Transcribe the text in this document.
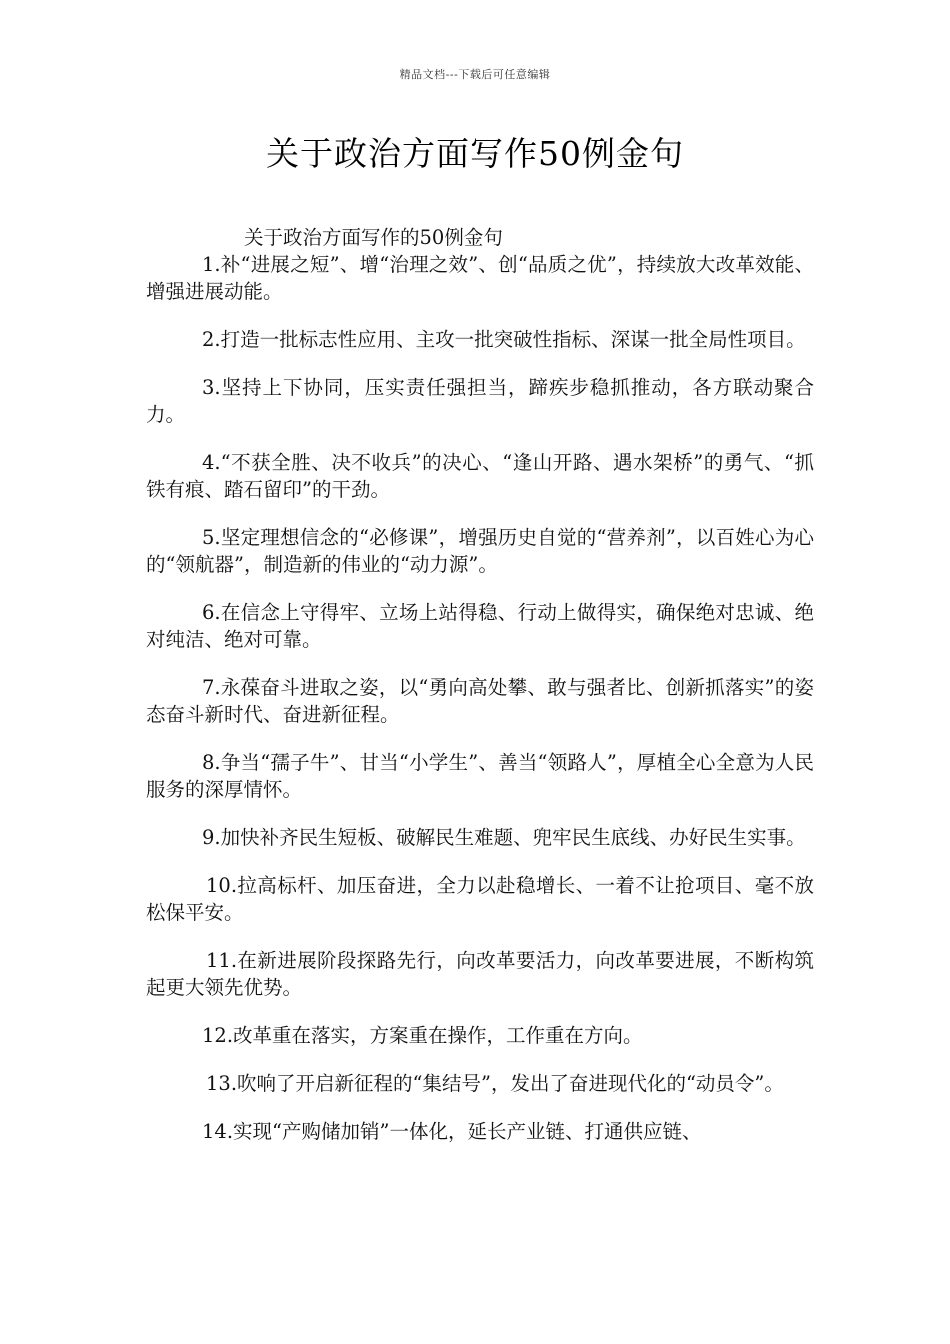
精品文档---下载后可任意编辑
关于政治方面写作50例金句

关于政治方面写作的50例金句

1.补“进展之短”、增“治理之效”、创“品质之优”，持续放大改革效能、增强进展动能。

2.打造一批标志性应用、主攻一批突破性指标、深谋一批全局性项目。

3.坚持上下协同，压实责任强担当，蹄疾步稳抓推动，各方联动聚合力。

4.“不获全胜、决不收兵”的决心、“逢山开路、遇水架桥”的勇气、“抓铁有痕、踏石留印”的干劲。

5.坚定理想信念的“必修课”，增强历史自觉的“营养剂”，以百姓心为心的“领航器”，制造新的伟业的“动力源”。

6.在信念上守得牢、立场上站得稳、行动上做得实，确保绝对忠诚、绝对纯洁、绝对可靠。

7.永葆奋斗进取之姿，以“勇向高处攀、敢与强者比、创新抓落实”的姿态奋斗新时代、奋进新征程。

8.争当“孺子牛”、甘当“小学生”、善当“领路人”，厚植全心全意为人民服务的深厚情怀。

9.加快补齐民生短板、破解民生难题、兜牢民生底线、办好民生实事。

10.拉高标杆、加压奋进，全力以赴稳增长、一着不让抢项目、毫不放松保平安。

11.在新进展阶段探路先行，向改革要活力，向改革要进展，不断构筑起更大领先优势。

12.改革重在落实，方案重在操作，工作重在方向。

13.吹响了开启新征程的“集结号”，发出了奋进现代化的“动员令”。

14.实现“产购储加销”一体化，延长产业链、打通供应链、
